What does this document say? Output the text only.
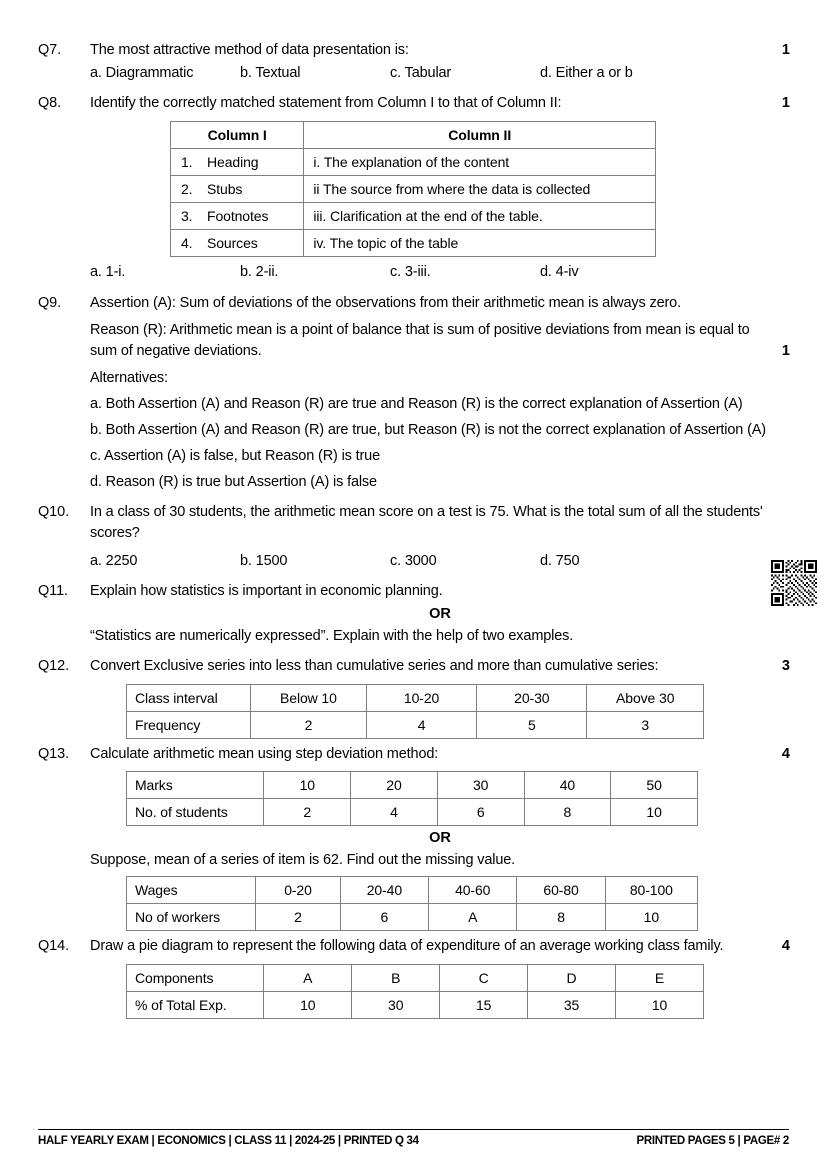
Q7.	The most attractive method of data presentation is:	1
a. Diagrammatic	b. Textual	c. Tabular	d. Either a or b
Q8.	Identify the correctly matched statement from Column I to that of Column II:	1
Column I	Column II
1. Heading	i. The explanation of the content
2. Stubs	ii The source from where the data is collected
3. Footnotes	iii. Clarification at the end of the table.
4. Sources	iv. The topic of the table
a. 1-i.	b. 2-ii.	c. 3-iii.	d. 4-iv
Q9.	Assertion (A): Sum of deviations of the observations from their arithmetic mean is always zero.
Reason (R): Arithmetic mean is a point of balance that is sum of positive deviations from mean is equal to sum of negative deviations.	1
Alternatives:
a. Both Assertion (A) and Reason (R) are true and Reason (R) is the correct explanation of Assertion (A)
b. Both Assertion (A) and Reason (R) are true, but Reason (R) is not the correct explanation of Assertion (A)
c. Assertion (A) is false, but Reason (R) is true
d. Reason (R) is true but Assertion (A) is false
Q10.	In a class of 30 students, the arithmetic mean score on a test is 75. What is the total sum of all the students' scores?
a. 2250	b. 1500	c. 3000	d. 750
Q11.	Explain how statistics is important in economic planning.
OR
“Statistics are numerically expressed”. Explain with the help of two examples.
Q12.	Convert Exclusive series into less than cumulative series and more than cumulative series:	3
Class interval	Below 10	10-20	20-30	Above 30
Frequency	2	4	5	3
Q13.	Calculate arithmetic mean using step deviation method:	4
Marks	10	20	30	40	50
No. of students	2	4	6	8	10
OR
Suppose, mean of a series of item is 62. Find out the missing value.
Wages	0-20	20-40	40-60	60-80	80-100
No of workers	2	6	A	8	10
Q14.	Draw a pie diagram to represent the following data of expenditure of an average working class family.	4
Components	A	B	C	D	E
% of Total Exp.	10	30	15	35	10
HALF YEARLY EXAM | ECONOMICS | CLASS 11 | 2024-25 | PRINTED Q 34	PRINTED PAGES 5 | PAGE# 2
